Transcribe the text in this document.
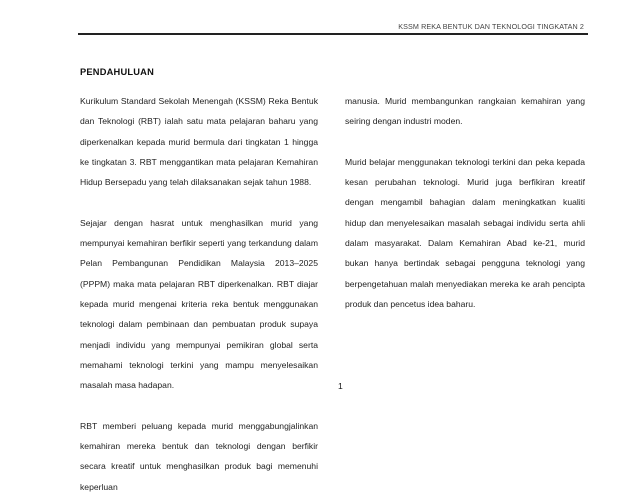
KSSM REKA BENTUK DAN TEKNOLOGI TINGKATAN 2
PENDAHULUAN

Kurikulum Standard Sekolah Menengah (KSSM) Reka Bentuk dan Teknologi (RBT) ialah satu mata pelajaran baharu yang diperkenalkan kepada murid bermula dari tingkatan 1 hingga ke tingkatan 3. RBT menggantikan mata pelajaran Kemahiran Hidup Bersepadu yang telah dilaksanakan sejak tahun 1988.

Sejajar dengan hasrat untuk menghasilkan murid yang mempunyai kemahiran berfikir seperti yang terkandung dalam Pelan Pembangunan Pendidikan Malaysia 2013–2025 (PPPM) maka mata pelajaran RBT diperkenalkan. RBT diajar kepada murid mengenai kriteria reka bentuk menggunakan teknologi dalam pembinaan dan pembuatan produk supaya menjadi individu yang mempunyai pemikiran global serta memahami teknologi terkini yang mampu menyelesaikan masalah masa hadapan.

RBT memberi peluang kepada murid menggabungjalinkan kemahiran mereka bentuk dan teknologi dengan berfikir secara kreatif untuk menghasilkan produk bagi memenuhi keperluan

manusia. Murid membangunkan rangkaian kemahiran yang seiring dengan industri moden.

Murid belajar menggunakan teknologi terkini dan peka kepada kesan perubahan teknologi. Murid juga berfikiran kreatif dengan mengambil bahagian dalam meningkatkan kualiti hidup dan menyelesaikan masalah sebagai individu serta ahli dalam masyarakat. Dalam Kemahiran Abad ke-21, murid bukan hanya bertindak sebagai pengguna teknologi yang berpengetahuan malah menyediakan mereka ke arah pencipta produk dan pencetus idea baharu.

1
